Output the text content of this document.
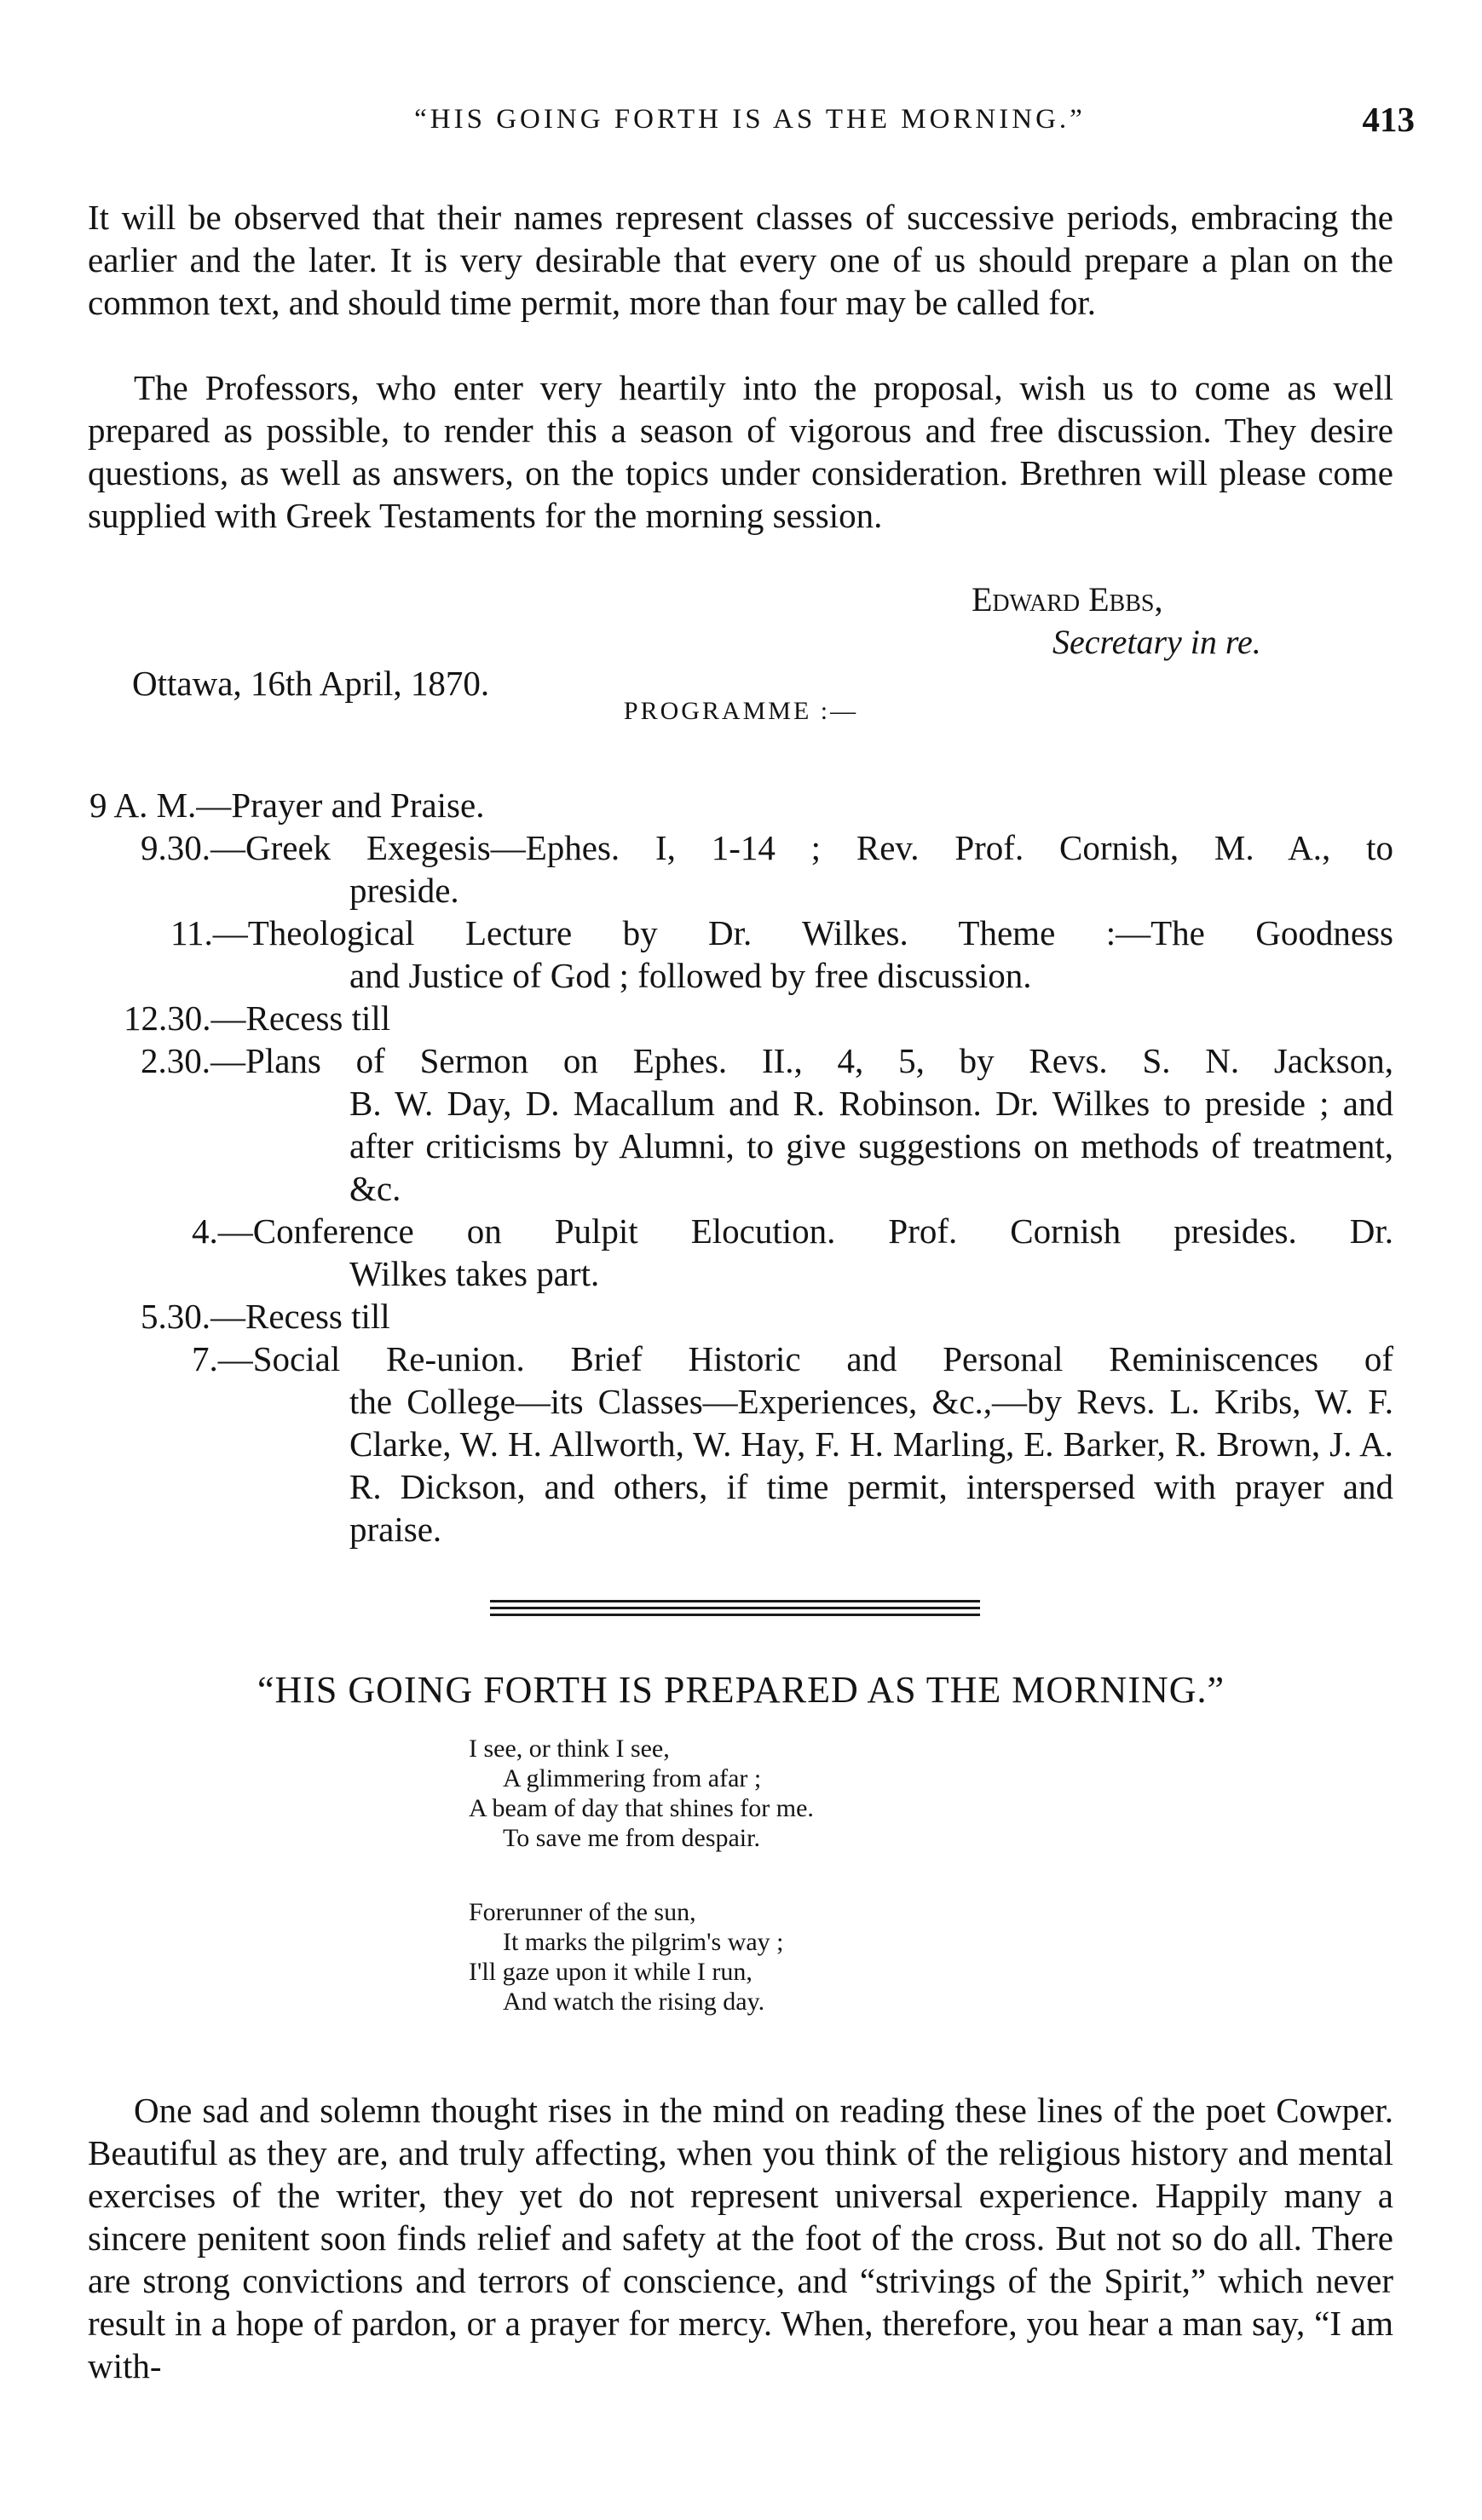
“HIS GOING FORTH IS AS THE MORNING.”	413

It will be observed that their names represent classes of successive periods, embracing the earlier and the later. It is very desirable that every one of us should prepare a plan on the common text, and should time permit, more than four may be called for.

The Professors, who enter very heartily into the proposal, wish us to come as well prepared as possible, to render this a season of vigorous and free discussion. They desire questions, as well as answers, on the topics under consideration. Brethren will please come supplied with Greek Testaments for the morning session.

Edward Ebbs,
Secretary in re.
Ottawa, 16th April, 1870.
PROGRAMME :—

9 A. M.—Prayer and Praise.

9.30.—Greek Exegesis—Ephes. I, 1-14 ; Rev. Prof. Cornish, M. A., to

preside.

11.—Theological Lecture by Dr. Wilkes. Theme :—The Goodness

and Justice of God ; followed by free discussion.

12.30.—Recess till

2.30.—Plans of Sermon on Ephes. II., 4, 5, by Revs. S. N. Jackson,

B. W. Day, D. Macallum and R. Robinson. Dr. Wilkes to preside ; and after criticisms by Alumni, to give suggestions on methods of treatment, &c.

4.—Conference on Pulpit Elocution. Prof. Cornish presides. Dr.

Wilkes takes part.

5.30.—Recess till

7.—Social Re-union. Brief Historic and Personal Reminiscences of

the College—its Classes—Experiences, &c.,—by Revs. L. Kribs, W. F. Clarke, W. H. Allworth, W. Hay, F. H. Marling, E. Barker, R. Brown, J. A. R. Dickson, and others, if time permit, interspersed with prayer and praise.

“HIS GOING FORTH IS PREPARED AS THE MORNING.”
I see, or think I see,
A glimmering from afar ;
A beam of day that shines for me.
To save me from despair.
Forerunner of the sun,
It marks the pilgrim's way ;
I'll gaze upon it while I run,
And watch the rising day.

One sad and solemn thought rises in the mind on reading these lines of the poet Cowper. Beautiful as they are, and truly affecting, when you think of the religious history and mental exercises of the writer, they yet do not represent universal experience. Happily many a sincere penitent soon finds relief and safety at the foot of the cross. But not so do all. There are strong convictions and terrors of conscience, and “strivings of the Spirit,” which never result in a hope of pardon, or a prayer for mercy. When, therefore, you hear a man say, “I am with-
